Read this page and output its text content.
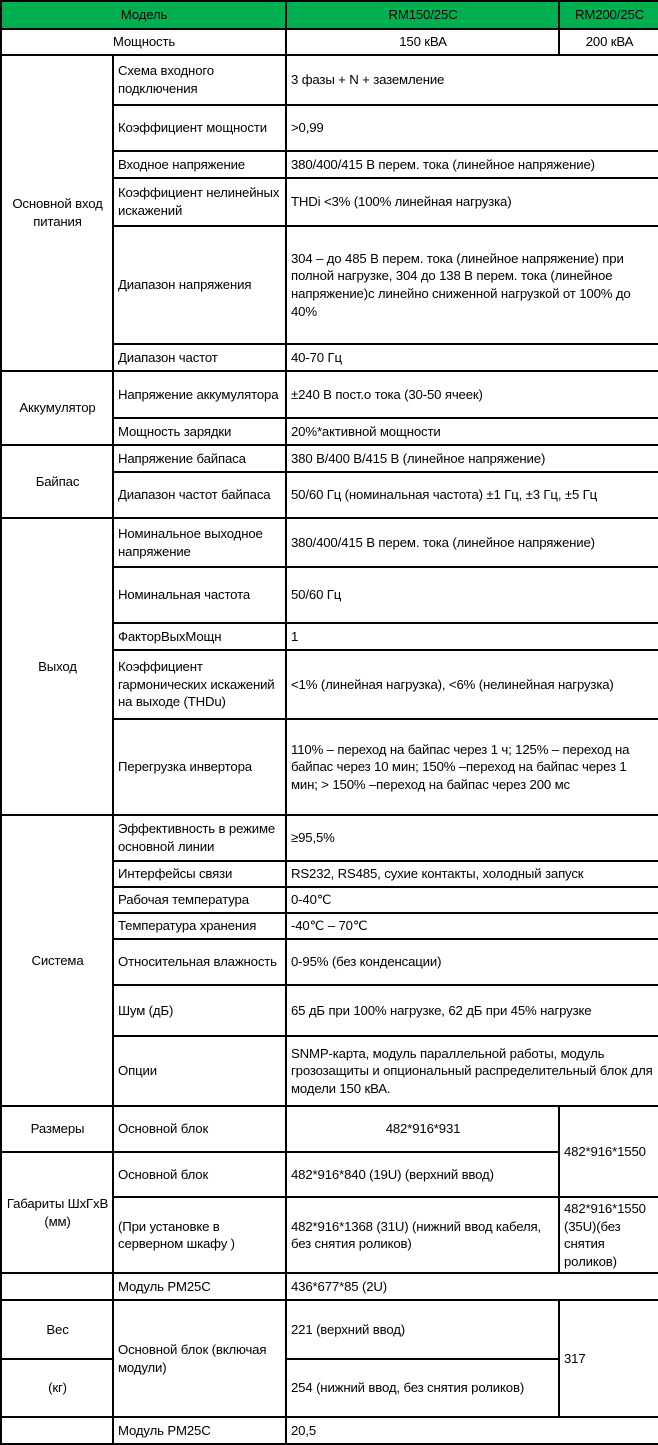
Модель		RM150/25C	RM200/25C
Мощность		150 кВА	200 кВА
Основной вход питания	Схема входного подключения	3 фазы + N + заземление	
	Коэффициент мощности	>0,99	
	Входное напряжение	380/400/415 В перем. тока (линейное напряжение)	
	Коэффициент нелинейных искажений	THDi <3% (100% линейная нагрузка)	
	Диапазон напряжения	304 – до 485 В перем. тока (линейное напряжение) при полной нагрузке, 304 до 138 В перем. тока (линейное напряжение)с линейно сниженной нагрузкой от 100% до 40%	
	Диапазон частот	40-70 Гц	
Аккумулятор	Напряжение аккумулятора	±240 В пост.о тока (30-50 ячеек)	
	Мощность зарядки	20%*активной мощности	
Байпас	Напряжение байпаса	380 В/400 В/415 В (линейное напряжение)	
	Диапазон частот байпаса	50/60 Гц (номинальная частота) ±1 Гц, ±3 Гц, ±5 Гц	
Выход	Номинальное выходное напряжение	380/400/415 В перем. тока (линейное напряжение)	
	Номинальная частота	50/60 Гц	
	ФакторВыхМощн	1	
	Коэффициент гармонических искажений на выходе (THDu)	<1% (линейная нагрузка), <6% (нелинейная нагрузка)	
	Перегрузка инвертора	110% – переход на байпас через 1 ч; 125% – переход на байпас через 10 мин; 150% –переход на байпас через 1 мин; > 150% –переход на байпас через 200 мс	
Система	Эффективность в режиме основной линии	≥95,5%	
	Интерфейсы связи	RS232, RS485, сухие контакты, холодный запуск	
	Рабочая температура	0-40℃	
	Температура хранения	-40℃ – 70℃	
	Относительная влажность	0-95% (без конденсации)	
	Шум (дБ)	65 дБ при 100% нагрузке, 62 дБ при 45% нагрузке	
	Опции	SNMP-карта, модуль параллельной работы, модуль грозозащиты и опциональный распределительный блок для модели 150 кВА.	
Размеры	Основной блок	482*916*931	482*916*1550
Габариты ШхГхВ (мм)	Основной блок	482*916*840 (19U) (верхний ввод)	
	(При установке в серверном шкафу )	482*916*1368 (31U) (нижний ввод кабеля, без снятия роликов)	482*916*1550 (35U)(без снятия роликов)
	Модуль PM25C	436*677*85 (2U)	
Вес	Основной блок (включая модули)	221 (верхний ввод)	317
(кг)		254 (нижний ввод, без снятия роликов)	
	Модуль PM25C	20,5	
